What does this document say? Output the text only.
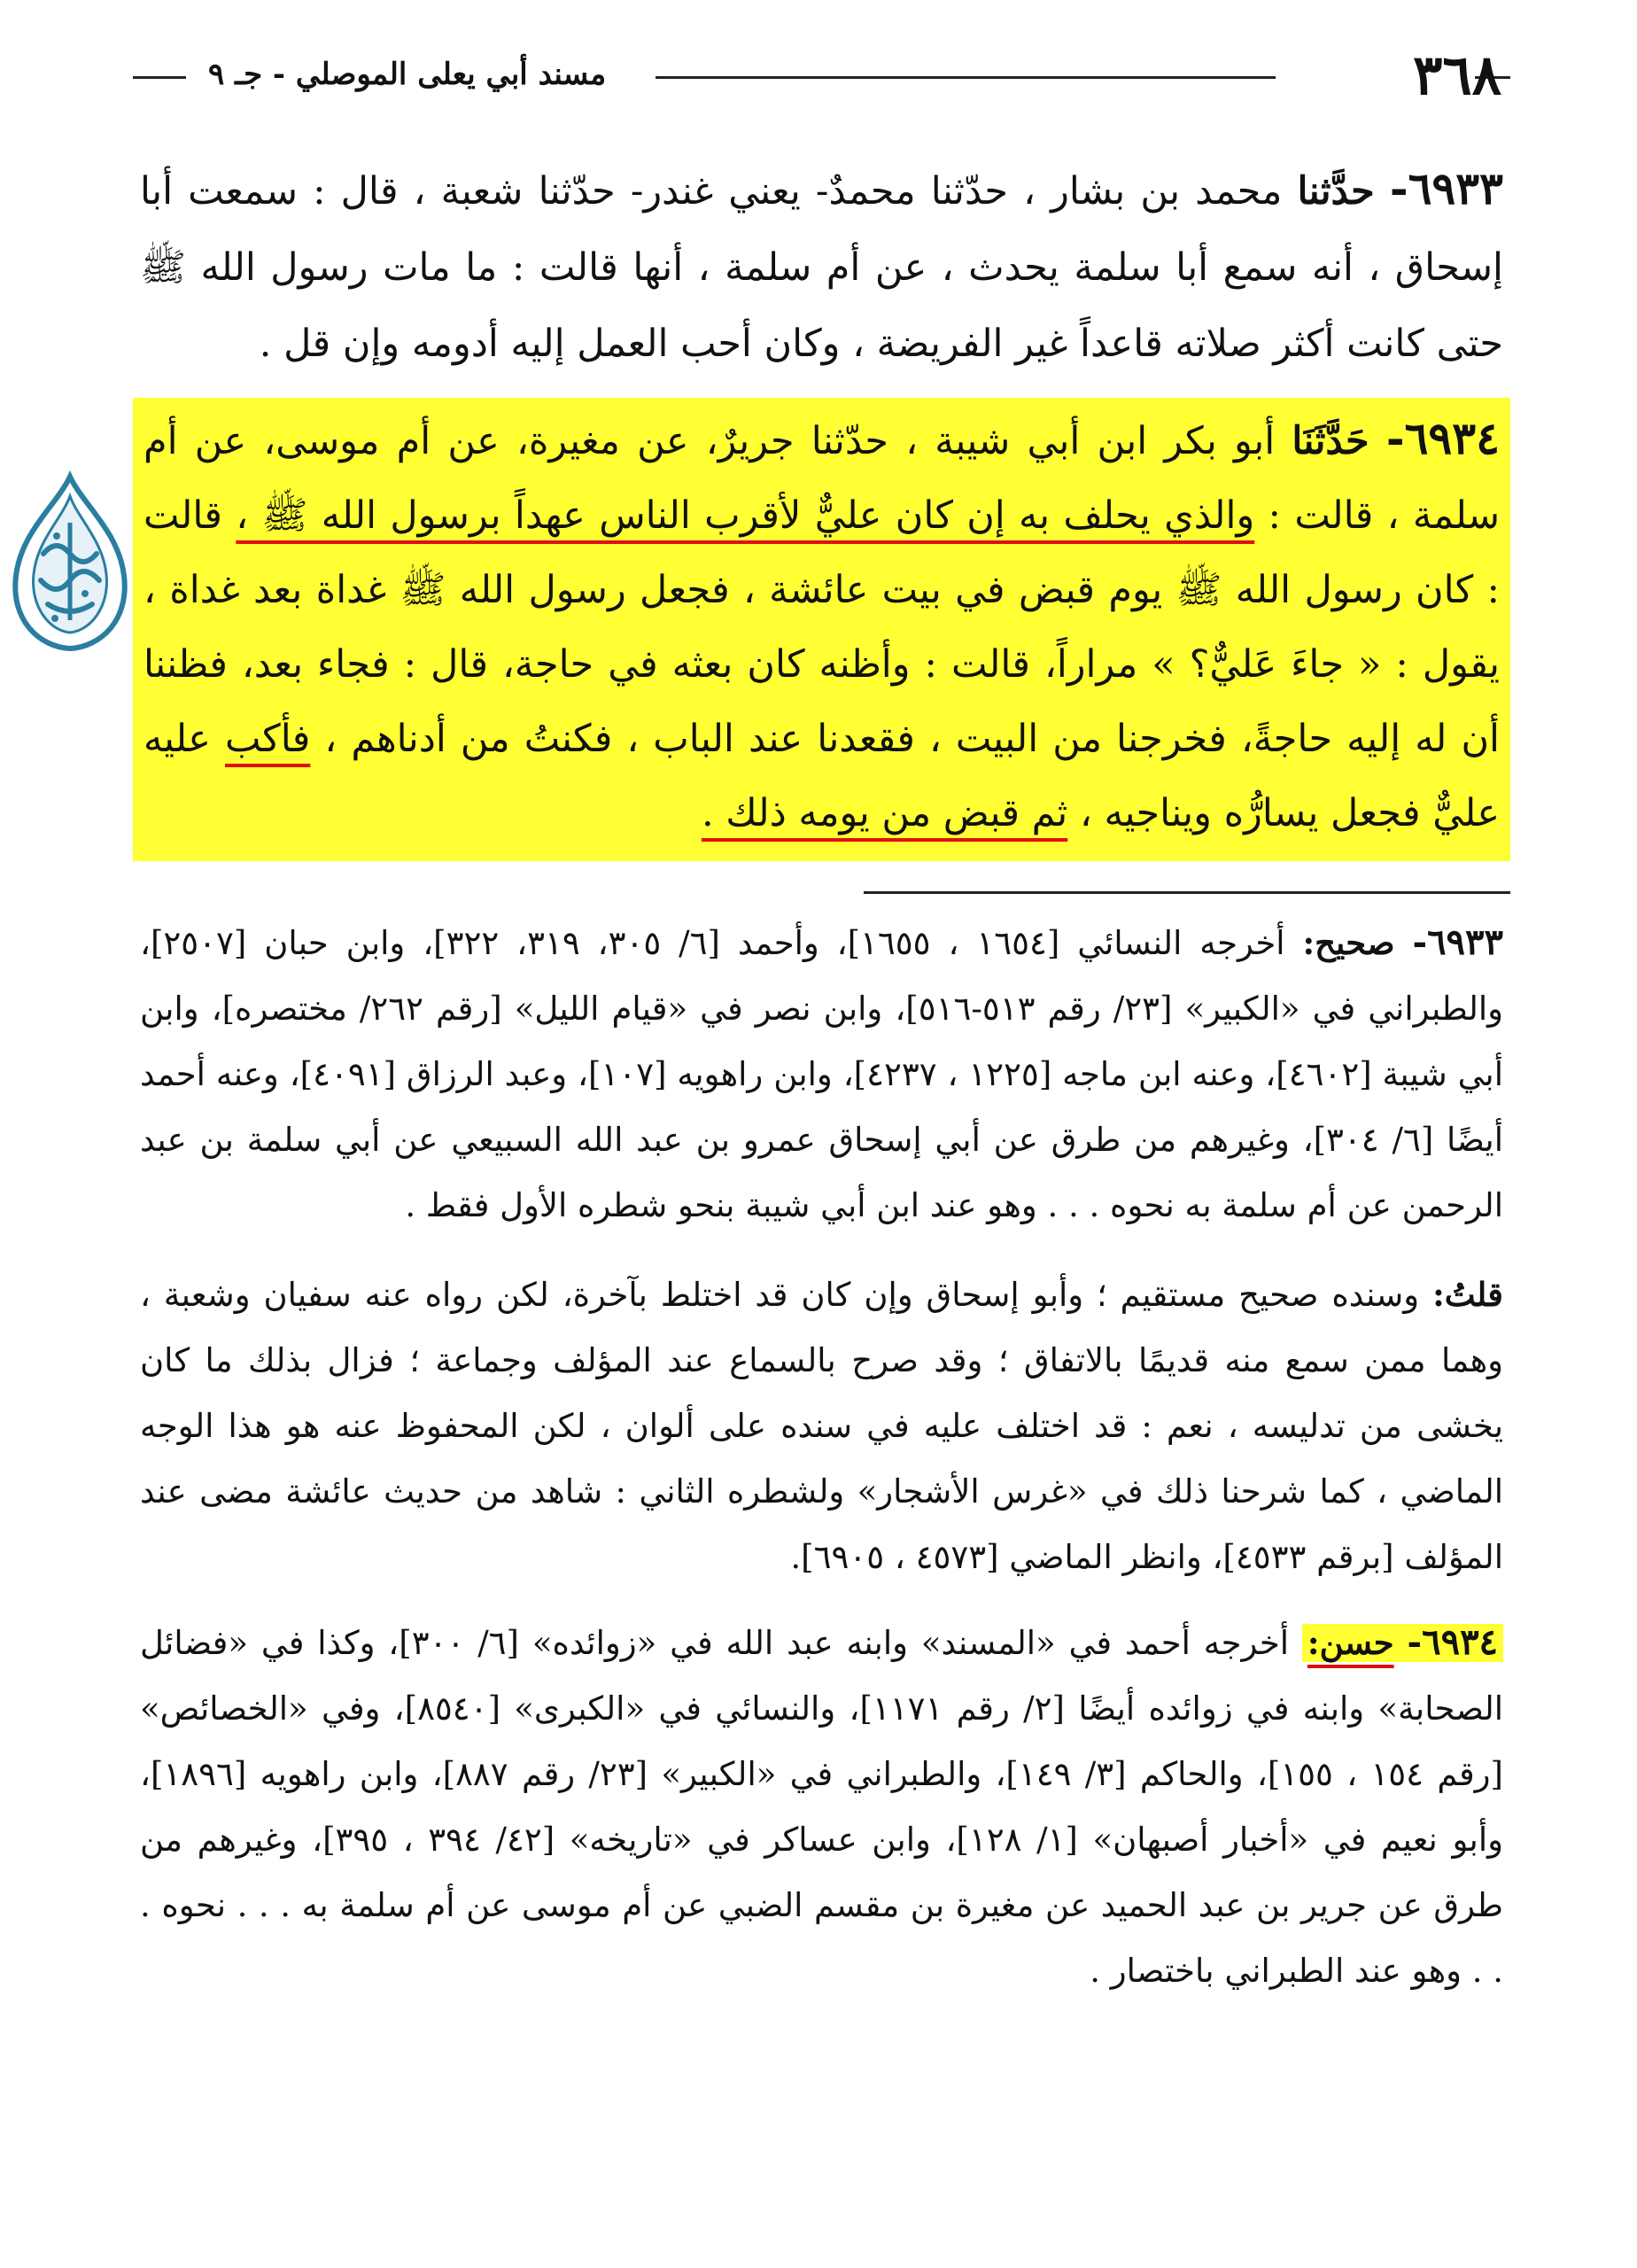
٣٦٨
مسند أبي يعلى الموصلي - جـ ٩

٦٩٣٣- حدَّثنا محمد بن بشار ، حدّثنا محمدٌ- يعني غندر- حدّثنا شعبة ، قال : سمعت أبا إسحاق ، أنه سمع أبا سلمة يحدث ، عن أم سلمة ، أنها قالت : ما مات رسول الله ﷺ حتى كانت أكثر صلاته قاعداً غير الفريضة ، وكان أحب العمل إليه أدومه وإن قل .

٦٩٣٤- حَدَّثَنَا أبو بكر ابن أبي شيبة ، حدّثنا جريرٌ، عن مغيرة، عن أم موسى، عن أم سلمة ، قالت : والذي يحلف به إن كان عليٌّ لأقرب الناس عهداً برسول الله ﷺ ، قالت : كان رسول الله ﷺ يوم قبض في بيت عائشة ، فجعل رسول الله ﷺ غداة بعد غداة ، يقول : « جاءَ عَليٌّ؟ » مراراً، قالت : وأظنه كان بعثه في حاجة، قال : فجاء بعد، فظننا أن له إليه حاجةً، فخرجنا من البيت ، فقعدنا عند الباب ، فكنتُ من أدناهم ، فأكب عليه عليٌّ فجعل يسارُّه ويناجيه ، ثم قبض من يومه ذلك .

٦٩٣٣- صحيح: أخرجه النسائي [١٦٥٤ ، ١٦٥٥]، وأحمد [٦/ ٣٠٥، ٣١٩، ٣٢٢]، وابن حبان [٢٥٠٧]، والطبراني في «الكبير» [٢٣/ رقم ٥١٣-٥١٦]، وابن نصر في «قيام الليل» [رقم ٢٦٢/ مختصره]، وابن أبي شيبة [٤٦٠٢]، وعنه ابن ماجه [١٢٢٥ ، ٤٢٣٧]، وابن راهويه [١٠٧]، وعبد الرزاق [٤٠٩١]، وعنه أحمد أيضًا [٦/ ٣٠٤]، وغيرهم من طرق عن أبي إسحاق عمرو بن عبد الله السبيعي عن أبي سلمة بن عبد الرحمن عن أم سلمة به نحوه . . . وهو عند ابن أبي شيبة بنحو شطره الأول فقط .

قلتُ: وسنده صحيح مستقيم ؛ وأبو إسحاق وإن كان قد اختلط بآخرة، لكن رواه عنه سفيان وشعبة ، وهما ممن سمع منه قديمًا بالاتفاق ؛ وقد صرح بالسماع عند المؤلف وجماعة ؛ فزال بذلك ما كان يخشى من تدليسه ، نعم : قد اختلف عليه في سنده على ألوان ، لكن المحفوظ عنه هو هذا الوجه الماضي ، كما شرحنا ذلك في «غرس الأشجار» ولشطره الثاني : شاهد من حديث عائشة مضى عند المؤلف [برقم ٤٥٣٣]، وانظر الماضي [٤٥٧٣ ، ٦٩٠٥].

٦٩٣٤- حسن: أخرجه أحمد في «المسند» وابنه عبد الله في «زوائده» [٦/ ٣٠٠]، وكذا في «فضائل الصحابة» وابنه في زوائده أيضًا [٢/ رقم ١١٧١]، والنسائي في «الكبرى» [٨٥٤٠]، وفي «الخصائص» [رقم ١٥٤ ، ١٥٥]، والحاكم [٣/ ١٤٩]، والطبراني في «الكبير» [٢٣/ رقم ٨٨٧]، وابن راهويه [١٨٩٦]، وأبو نعيم في «أخبار أصبهان» [١/ ١٢٨]، وابن عساكر في «تاريخه» [٤٢/ ٣٩٤ ، ٣٩٥]، وغيرهم من طرق عن جرير بن عبد الحميد عن مغيرة بن مقسم الضبي عن أم موسى عن أم سلمة به . . . نحوه . . . وهو عند الطبراني باختصار .
